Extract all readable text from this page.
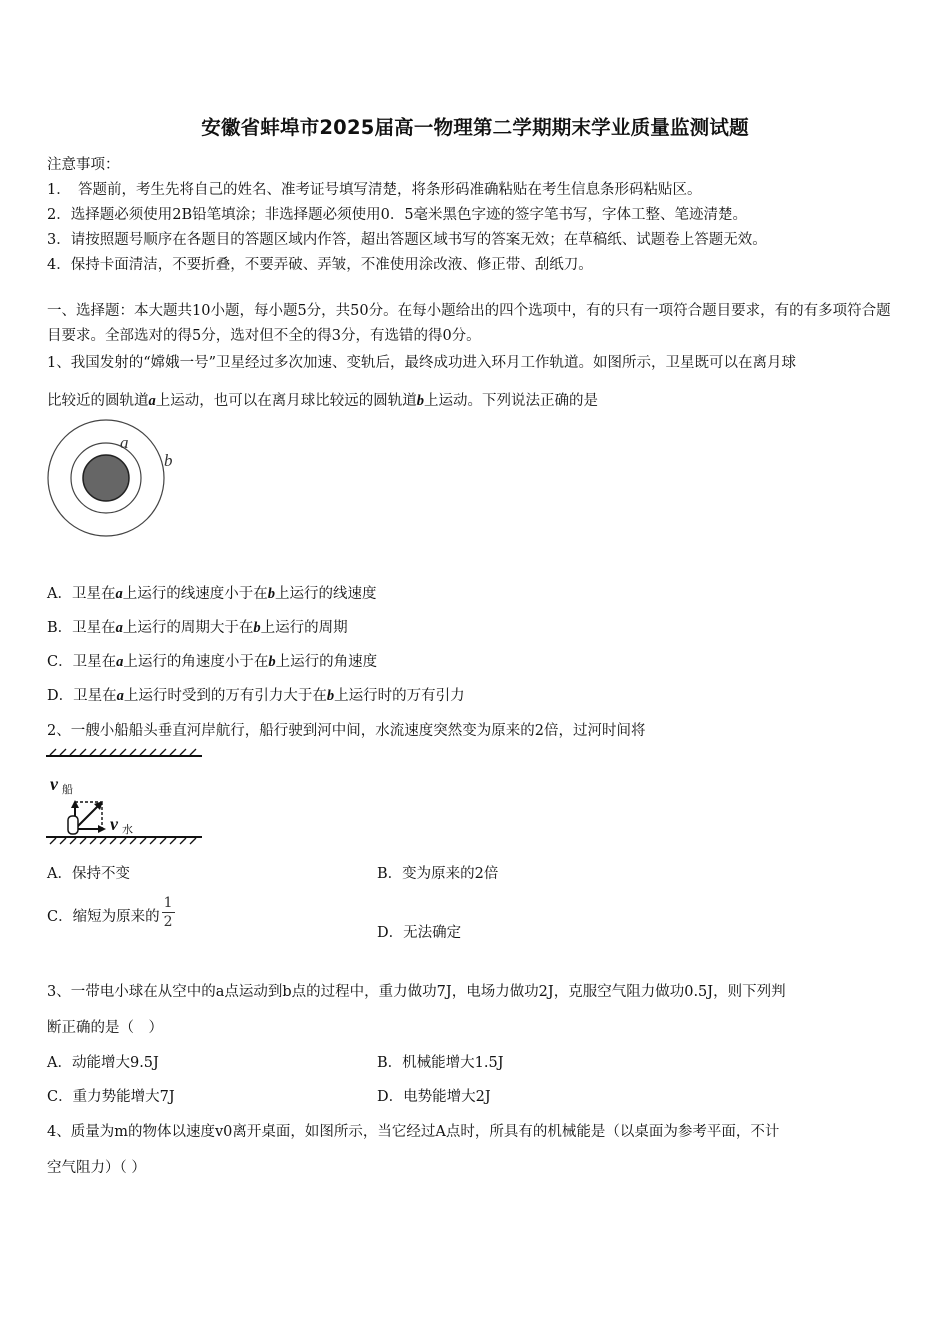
安徽省蚌埠市2025届高一物理第二学期期末学业质量监测试题
注意事项：
1．　答题前，考生先将自己的姓名、准考证号填写清楚，将条形码准确粘贴在考生信息条形码粘贴区。
2．选择题必须使用2B铅笔填涂；非选择题必须使用0．5毫米黑色字迹的签字笔书写，字体工整、笔迹清楚。
3．请按照题号顺序在各题目的答题区域内作答，超出答题区域书写的答案无效；在草稿纸、试题卷上答题无效。
4．保持卡面清洁，不要折叠，不要弄破、弄皱，不准使用涂改液、修正带、刮纸刀。
一、选择题：本大题共10小题，每小题5分，共50分。在每小题给出的四个选项中，有的只有一项符合题目要求，有的有多项符合题目要求。全部选对的得5分，选对但不全的得3分，有选错的得0分。
1、我国发射的“嫦娥一号”卫星经过多次加速、变轨后，最终成功进入环月工作轨道。如图所示，卫星既可以在离月球
比较近的圆轨道a上运动，也可以在离月球比较远的圆轨道b上运动。下列说法正确的是
a
b
A．卫星在a上运行的线速度小于在b上运行的线速度
B．卫星在a上运行的周期大于在b上运行的周期
C．卫星在a上运行的角速度小于在b上运行的角速度
D．卫星在a上运行时受到的万有引力大于在b上运行时的万有引力
2、一艘小船船头垂直河岸航行，船行驶到河中间，水流速度突然变为原来的2倍，过河时间将
v 船
v 水
A．保持不变	B．变为原来的2倍
C．缩短为原来的 $\frac{1}{2}$
D．无法确定
3、一带电小球在从空中的a点运动到b点的过程中，重力做功7J，电场力做功2J，克服空气阻力做功0.5J，则下列判
断正确的是（　）
A．动能增大9.5J	B．机械能增大1.5J
C．重力势能增大7J	D．电势能增大2J
4、质量为m的物体以速度v0离开桌面，如图所示，当它经过A点时，所具有的机械能是（以桌面为参考平面，不计
空气阻力）（ ）
